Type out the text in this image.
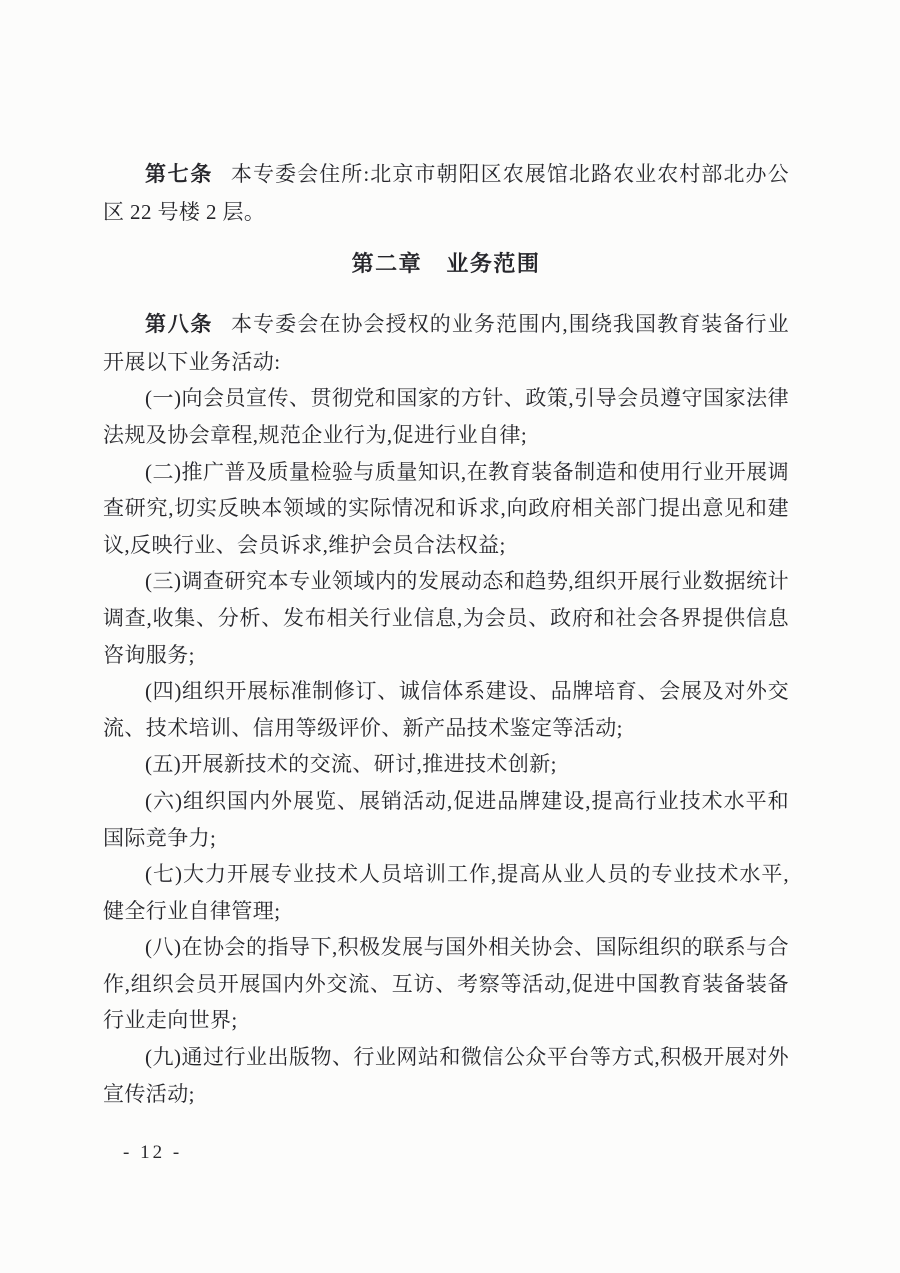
第七条 本专委会住所:北京市朝阳区农展馆北路农业农村部北办公区 22 号楼 2 层。

第二章 业务范围

第八条 本专委会在协会授权的业务范围内,围绕我国教育装备行业开展以下业务活动:

(一)向会员宣传、贯彻党和国家的方针、政策,引导会员遵守国家法律法规及协会章程,规范企业行为,促进行业自律;

(二)推广普及质量检验与质量知识,在教育装备制造和使用行业开展调查研究,切实反映本领域的实际情况和诉求,向政府相关部门提出意见和建议,反映行业、会员诉求,维护会员合法权益;

(三)调查研究本专业领域内的发展动态和趋势,组织开展行业数据统计调查,收集、分析、发布相关行业信息,为会员、政府和社会各界提供信息咨询服务;

(四)组织开展标准制修订、诚信体系建设、品牌培育、会展及对外交流、技术培训、信用等级评价、新产品技术鉴定等活动;

(五)开展新技术的交流、研讨,推进技术创新;

(六)组织国内外展览、展销活动,促进品牌建设,提高行业技术水平和国际竞争力;

(七)大力开展专业技术人员培训工作,提高从业人员的专业技术水平,健全行业自律管理;

(八)在协会的指导下,积极发展与国外相关协会、国际组织的联系与合作,组织会员开展国内外交流、互访、考察等活动,促进中国教育装备装备行业走向世界;

(九)通过行业出版物、行业网站和微信公众平台等方式,积极开展对外宣传活动;

- 12 -
